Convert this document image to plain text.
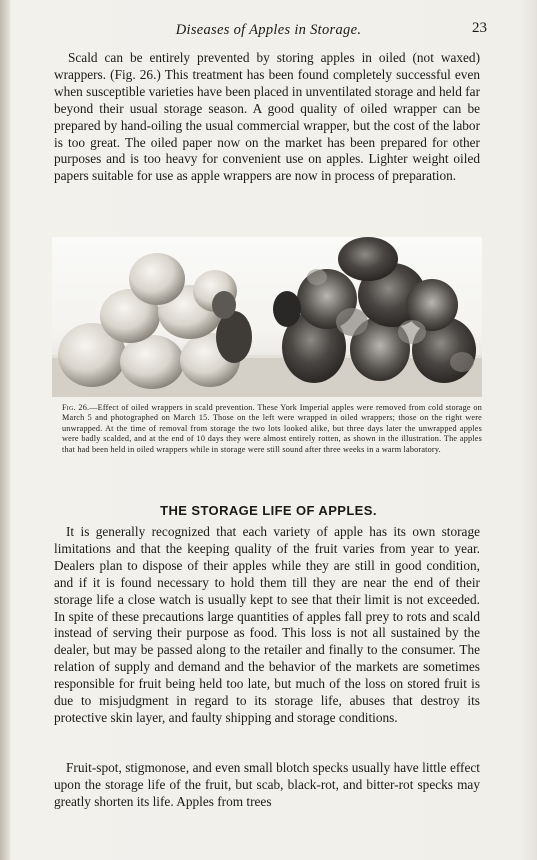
Diseases of Apples in Storage.	23

Scald can be entirely prevented by storing apples in oiled (not waxed) wrappers. (Fig. 26.) This treatment has been found completely successful even when susceptible varieties have been placed in unventilated storage and held far beyond their usual storage season. A good quality of oiled wrapper can be prepared by hand-oiling the usual commercial wrapper, but the cost of the labor is too great. The oiled paper now on the market has been prepared for other purposes and is too heavy for convenient use on apples. Lighter weight oiled papers suitable for use as apple wrappers are now in process of preparation.

Fig. 26.—Effect of oiled wrappers in scald prevention. These York Imperial apples were removed from cold storage on March 5 and photographed on March 15. Those on the left were wrapped in oiled wrappers; those on the right were unwrapped. At the time of removal from storage the two lots looked alike, but three days later the unwrapped apples were badly scalded, and at the end of 10 days they were almost entirely rotten, as shown in the illustration. The apples that had been held in oiled wrappers while in storage were still sound after three weeks in a warm laboratory.
THE STORAGE LIFE OF APPLES.

It is generally recognized that each variety of apple has its own storage limitations and that the keeping quality of the fruit varies from year to year. Dealers plan to dispose of their apples while they are still in good condition, and if it is found necessary to hold them till they are near the end of their storage life a close watch is usually kept to see that their limit is not exceeded. In spite of these precautions large quantities of apples fall prey to rots and scald instead of serving their purpose as food. This loss is not all sustained by the dealer, but may be passed along to the retailer and finally to the consumer. The relation of supply and demand and the behavior of the markets are sometimes responsible for fruit being held too late, but much of the loss on stored fruit is due to misjudgment in regard to its storage life, abuses that destroy its protective skin layer, and faulty shipping and storage conditions.

Fruit-spot, stigmonose, and even small blotch specks usually have little effect upon the storage life of the fruit, but scab, black-rot, and bitter-rot specks may greatly shorten its life. Apples from trees
